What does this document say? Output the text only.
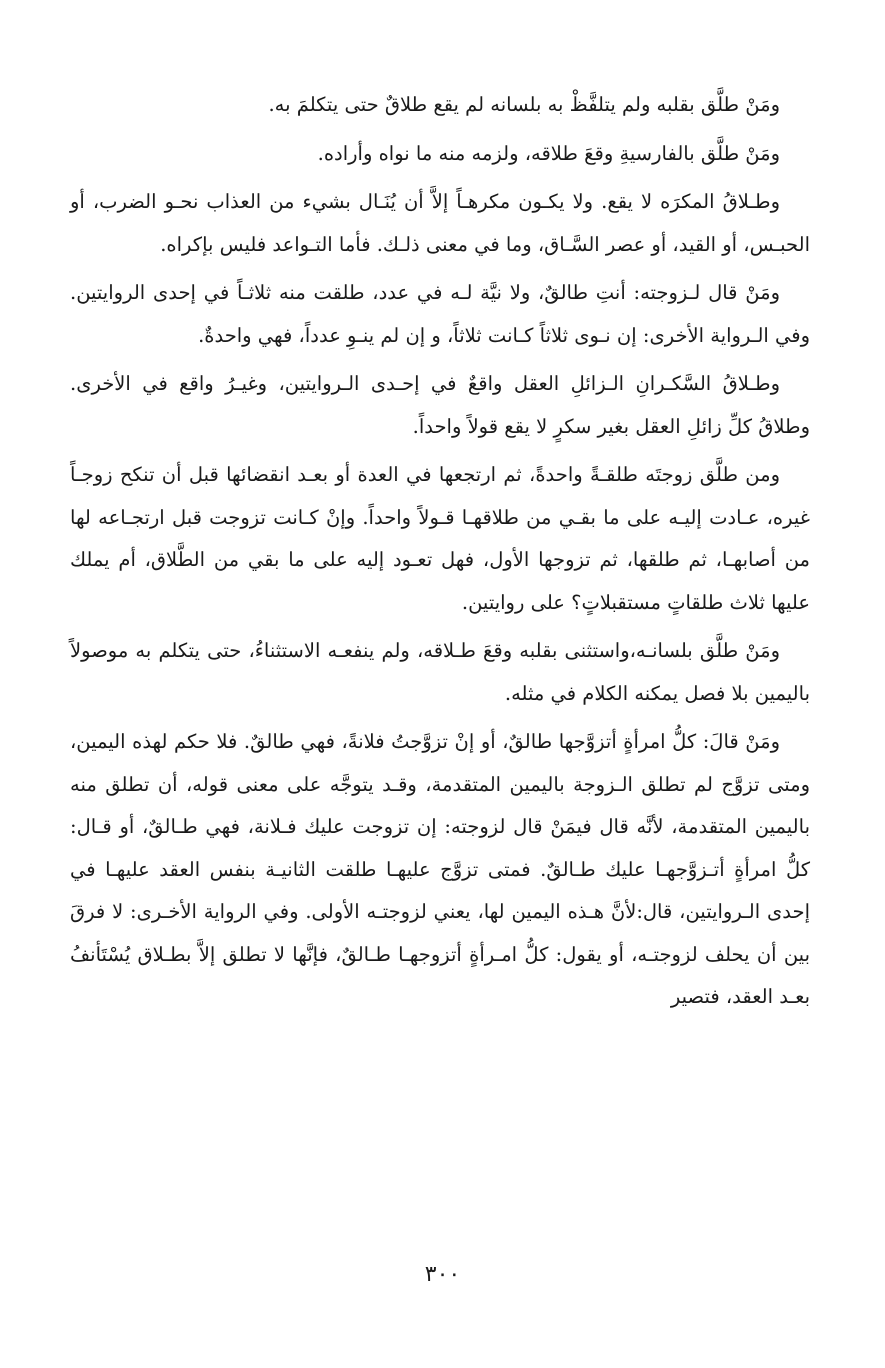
ومَنْ طلَّق بقلبه ولم يتلفَّظْ به بلسانه لم يقع طلاقٌ حتى يتكلمَ به.

ومَنْ طلَّق بالفارسيةِ وقعَ طلاقه، ولزمه منه ما نواه وأراده.

وطـلاقُ المكرَه لا يقع. ولا يكـون مكرهـاً إلاَّ أن يُنَـال بشيء من العذاب نحـو الضرب، أو الحبـس، أو القيد، أو عصر السَّـاق، وما في معنى ذلـك. فأما التـواعد فليس بإكراه.

ومَنْ قال لـزوجته: أنتِ طالقٌ، ولا نيَّة لـه في عدد، طلقت منه ثلاثـاً في إحدى الروايتين. وفي الـرواية الأخرى: إن نـوى ثلاثاً كـانت ثلاثاً، و إن لم ينـوِ عدداً، فهي واحدةٌ.

وطـلاقُ السَّكـرانِ الـزائلِ العقل واقعٌ في إحـدى الـروايتين، وغيـرُ واقع في الأخرى. وطلاقُ كلِّ زائلِ العقل بغير سكرٍ لا يقع قولاً واحداً.

ومن طلَّق زوجتَه طلقـةً واحدةً، ثم ارتجعها في العدة أو بعـد انقضائها قبل أن تنكح زوجـاً غيره، عـادت إليـه على ما بقـي من طلاقهـا قـولاً واحداً. وإنْ كـانت تزوجت قبل ارتجـاعه لها من أصابهـا، ثم طلقها، ثم تزوجها الأول، فهل تعـود إليه على ما بقي من الطَّلاق، أم يملك عليها ثلاث طلقاتٍ مستقبلاتٍ؟ على روايتين.

ومَنْ طلَّق بلسانـه،واستثنى بقلبه وقعَ طـلاقه، ولم ينفعـه الاستثناءُ، حتى يتكلم به موصولاً باليمين بلا فصل يمكنه الكلام في مثله.

ومَنْ قالَ: كلُّ امرأةٍ أتزوَّجها طالقٌ، أو إنْ تزوَّجتُ فلانةً، فهي طالقٌ. فلا حكم لهذه اليمين، ومتى تزوَّج لم تطلق الـزوجة باليمين المتقدمة، وقـد يتوجَّه على معنى قوله، أن تطلق منه باليمين المتقدمة، لأنَّه قال فيمَنْ قال لزوجته: إن تزوجت عليك فـلانة، فهي طـالقٌ، أو قـال: كلُّ امرأةٍ أتـزوَّجهـا عليك طـالقٌ. فمتى تزوَّج عليهـا طلقت الثانيـة بنفس العقد عليهـا في إحدى الـروايتين، قال:لأنَّ هـذه اليمين لها، يعني لزوجتـه الأولى. وفي الرواية الأخـرى: لا فرقَ بين أن يحلف لزوجتـه، أو يقول: كلُّ امـرأةٍ أتزوجهـا طـالقٌ، فإنَّها لا تطلق إلاَّ بطـلاق يُسْتَأنفُ بعـد العقد، فتصير

٣٠٠
